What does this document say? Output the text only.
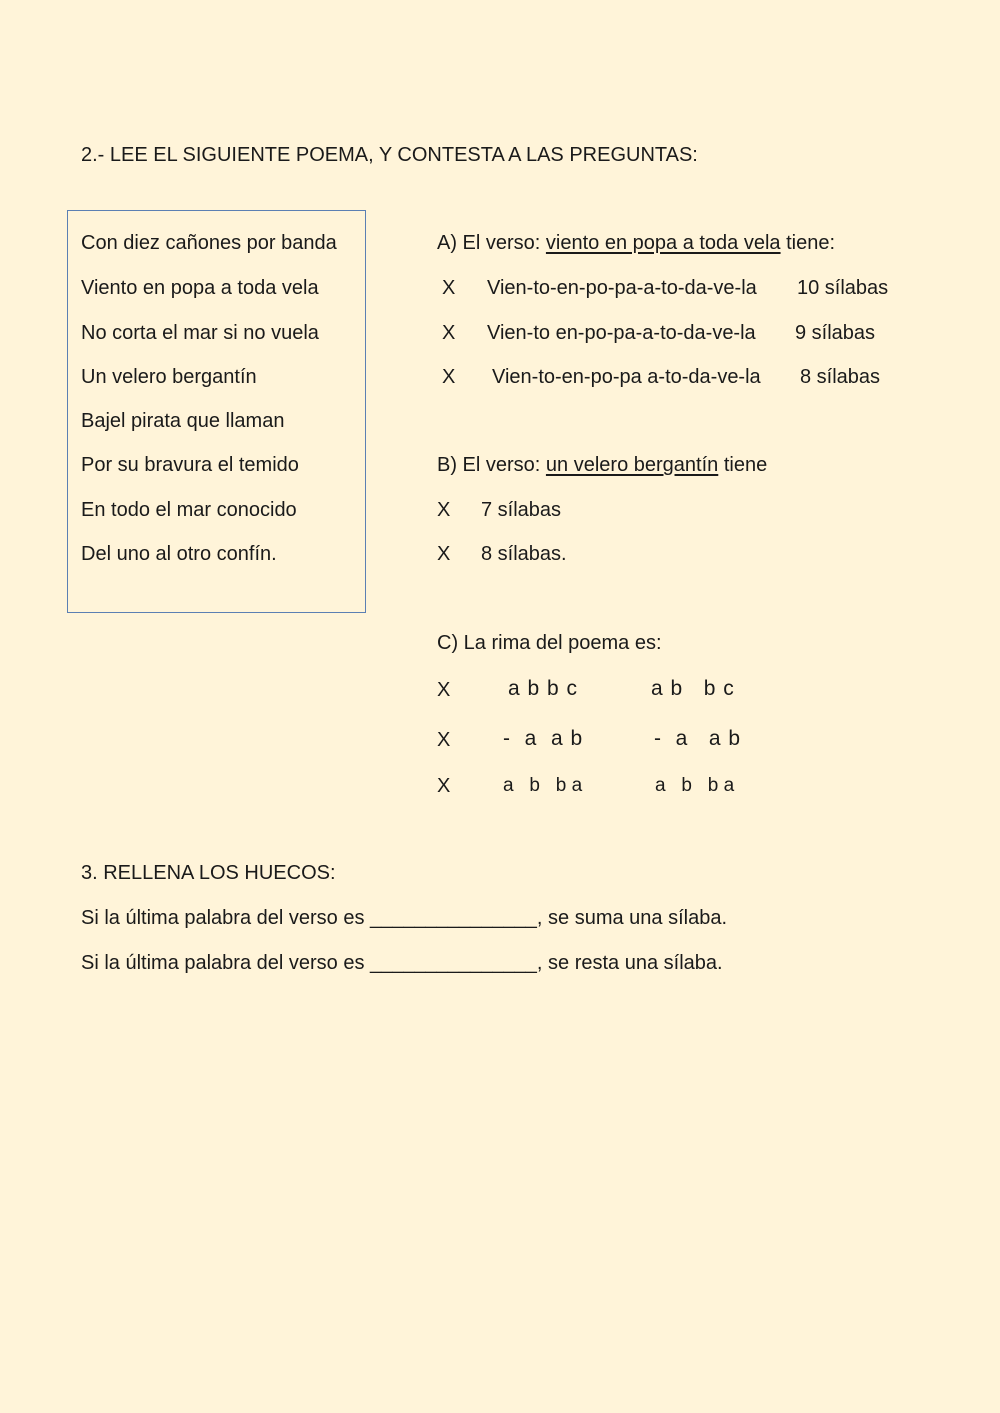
2.- LEE EL SIGUIENTE POEMA, Y CONTESTA A LAS PREGUNTAS:
Con diez cañones por banda
Viento en popa a toda vela
No corta el mar si no vuela
Un velero bergantín
Bajel pirata que llaman
Por su bravura el temido
En todo el mar conocido
Del uno al otro confín.
A) El verso: viento en popa a toda vela tiene:
X Vien-to-en-po-pa-a-to-da-ve-la 10 sílabas
X Vien-to en-po-pa-a-to-da-ve-la 9 sílabas
X Vien-to-en-po-pa a-to-da-ve-la 8 sílabas
B) El verso: un velero bergantín tiene
X 7 sílabas
X 8 sílabas.
C) La rima del poema es:
X	a b b c	a b   b c
X	-  a  a b	-  a   a b
X	a   b   b a	a   b   b a
3. RELLENA LOS HUECOS:
Si la última palabra del verso es _______________, se suma una sílaba.
Si la última palabra del verso es _______________, se resta una sílaba.
